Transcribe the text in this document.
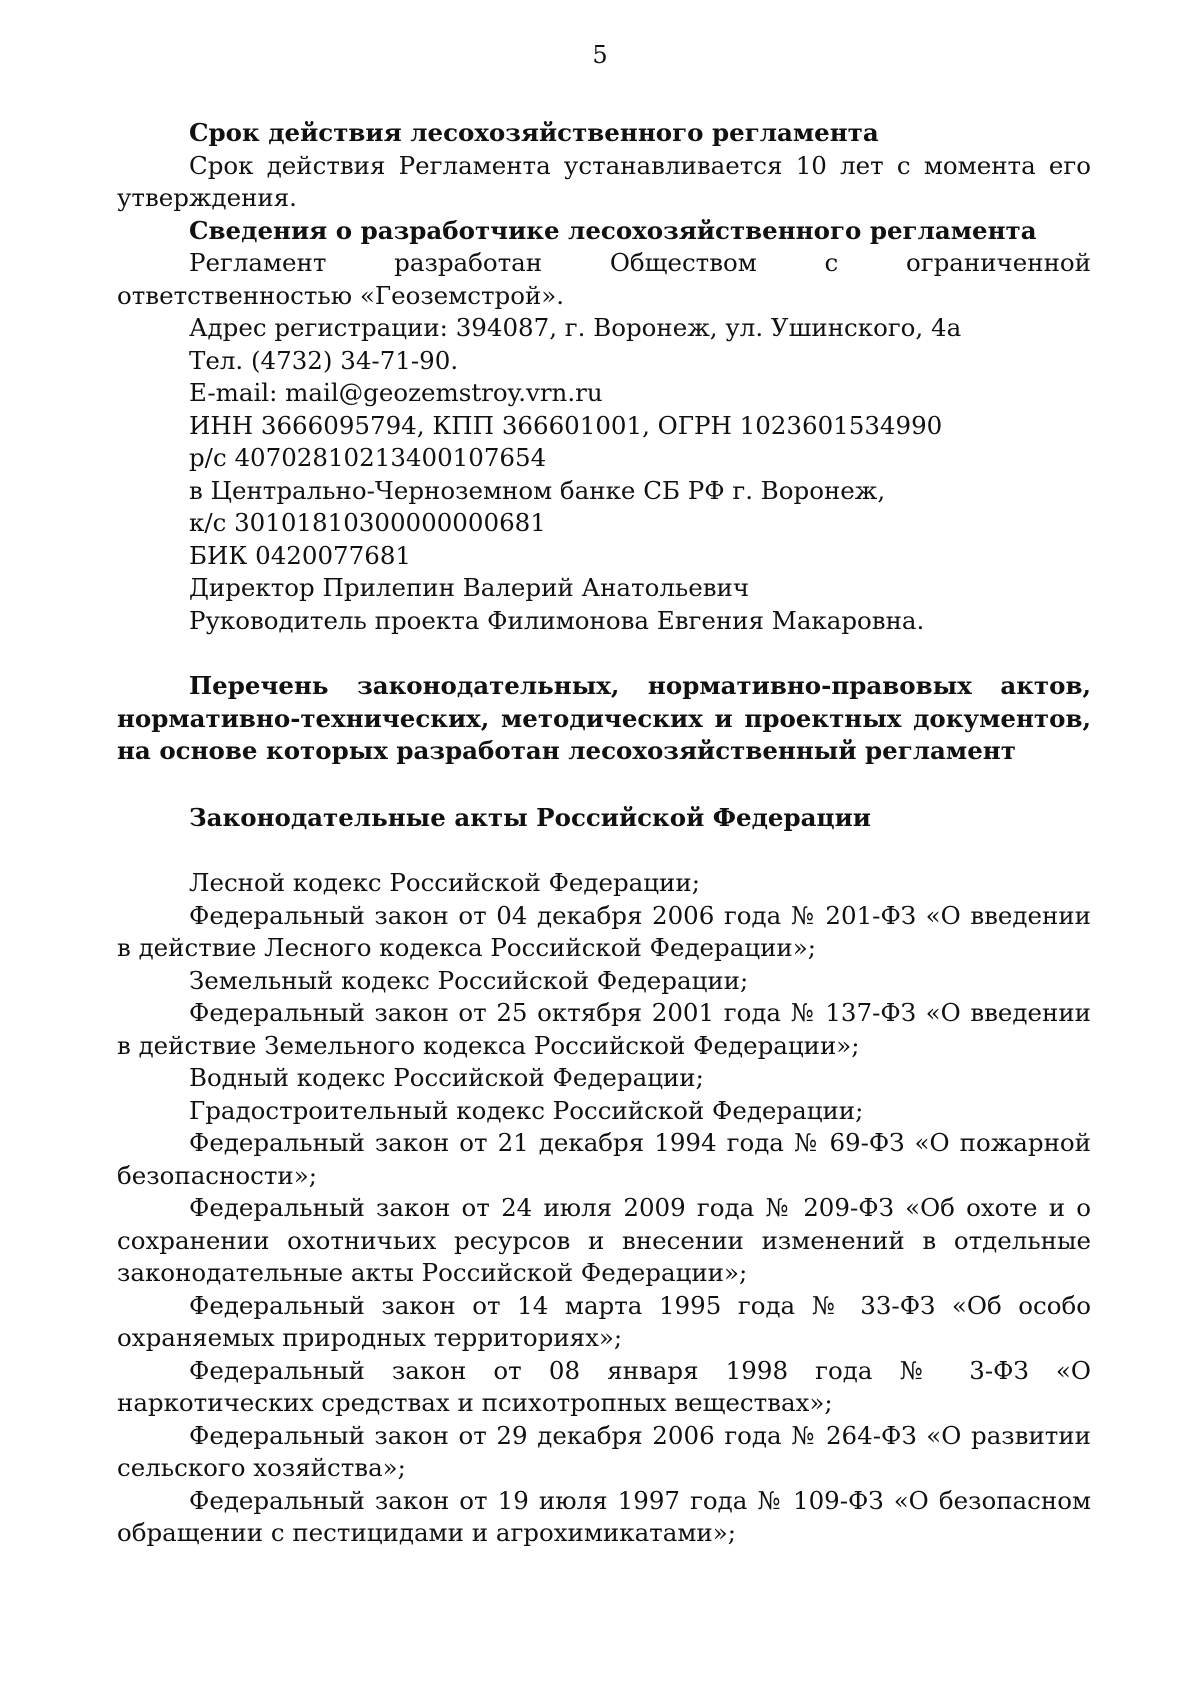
5

Срок действия лесохозяйственного регламента

Срок действия Регламента устанавливается 10 лет с момента его утверждения.

Сведения о разработчике лесохозяйственного регламента

Регламент разработан Обществом с ограниченной ответственностью «Геоземстрой».

Адрес регистрации: 394087, г. Воронеж, ул. Ушинского, 4а

Тел. (4732) 34-71-90.

E-mail: mail@geozemstroy.vrn.ru

ИНН 3666095794, КПП 366601001, ОГРН 1023601534990

р/с 40702810213400107654

в Центрально-Черноземном банке СБ РФ г. Воронеж,

к/с 30101810300000000681

БИК 0420077681

Директор Прилепин Валерий Анатольевич

Руководитель проекта Филимонова Евгения Макаровна.

Перечень законодательных, нормативно-правовых актов, нормативно-технических, методических и проектных документов, на основе которых разработан лесохозяйственный регламент

Законодательные акты Российской Федерации

Лесной кодекс Российской Федерации;

Федеральный закон от 04 декабря 2006 года № 201-ФЗ «О введении в действие Лесного кодекса Российской Федерации»;

Земельный кодекс Российской Федерации;

Федеральный закон от 25 октября 2001 года № 137-ФЗ «О введении в действие Земельного кодекса Российской Федерации»;

Водный кодекс Российской Федерации;

Градостроительный кодекс Российской Федерации;

Федеральный закон от 21 декабря 1994 года № 69-ФЗ «О пожарной безопасности»;

Федеральный закон от 24 июля 2009 года № 209-ФЗ «Об охоте и о сохранении охотничьих ресурсов и внесении изменений в отдельные законодательные акты Российской Федерации»;

Федеральный закон от 14 марта 1995 года № 33-ФЗ «Об особо охраняемых природных территориях»;

Федеральный закон от 08 января 1998 года № 3-ФЗ «О наркотических средствах и психотропных веществах»;

Федеральный закон от 29 декабря 2006 года № 264-ФЗ «О развитии сельского хозяйства»;

Федеральный закон от 19 июля 1997 года № 109-ФЗ «О безопасном обращении с пестицидами и агрохимикатами»;
